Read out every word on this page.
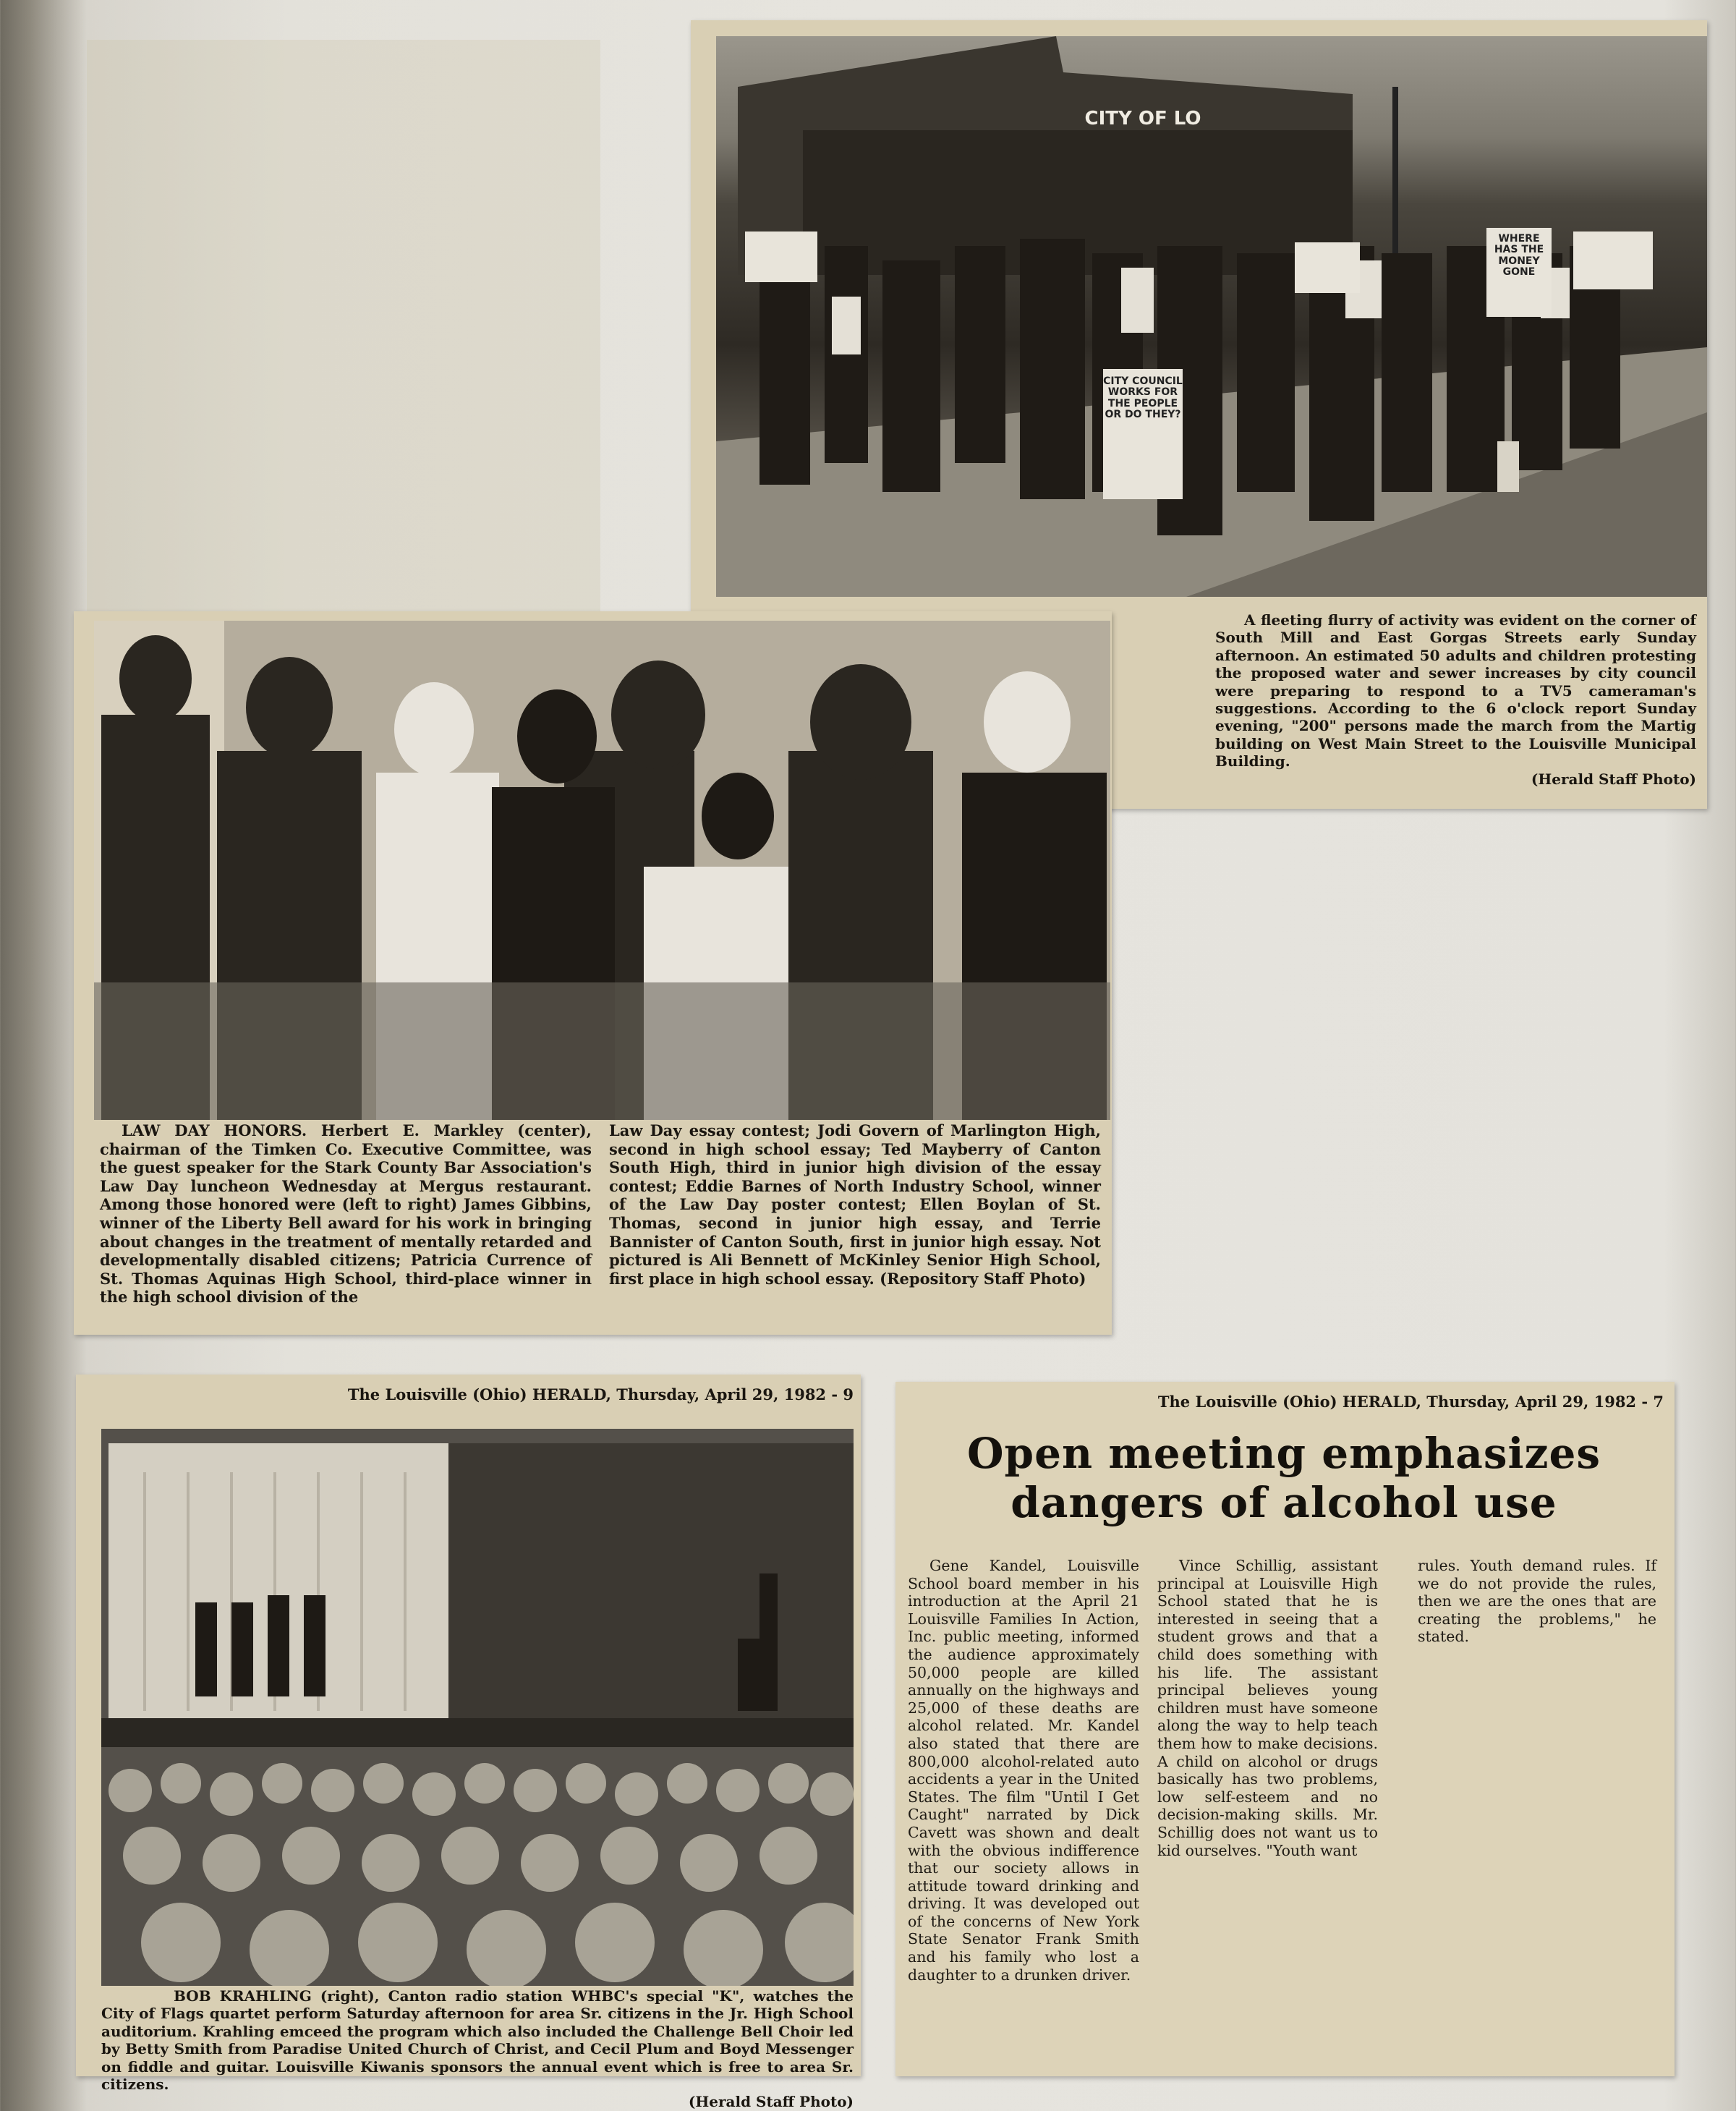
CITY OF LO
CITY COUNCIL WORKS FOR THE PEOPLE OR DO THEY?
WHERE HAS THE MONEY GONE

A fleeting flurry of activity was evident on the corner of South Mill and East Gorgas Streets early Sunday afternoon. An estimated 50 adults and children protesting the proposed water and sewer increases by city council were preparing to respond to a TV5 cameraman's suggestions. According to the 6 o'clock report Sunday evening, "200" persons made the march from the Martig building on West Main Street to the Louisville Municipal Building.

(Herald Staff Photo)

LAW DAY HONORS. Herbert E. Markley (center), chairman of the Timken Co. Executive Committee, was the guest speaker for the Stark County Bar Association's Law Day luncheon Wednesday at Mergus restaurant. Among those honored were (left to right) James Gibbins, winner of the Liberty Bell award for his work in bringing about changes in the treatment of mentally retarded and developmentally disabled citizens; Patricia Currence of St. Thomas Aquinas High School, third-place winner in the high school division of the

Law Day essay contest; Jodi Govern of Marlington High, second in high school essay; Ted Mayberry of Canton South High, third in junior high division of the essay contest; Eddie Barnes of North Industry School, winner of the Law Day poster contest; Ellen Boylan of St. Thomas, second in junior high essay, and Terrie Bannister of Canton South, first in junior high essay. Not pictured is Ali Bennett of McKinley Senior High School, first place in high school essay. (Repository Staff Photo)

The Louisville (Ohio) HERALD, Thursday, April 29, 1982 - 9

BOB KRAHLING (right), Canton radio station WHBC's special "K", watches the City of Flags quartet perform Saturday afternoon for area Sr. citizens in the Jr. High School auditorium. Krahling emceed the program which also included the Challenge Bell Choir led by Betty Smith from Paradise United Church of Christ, and Cecil Plum and Boyd Messenger on fiddle and guitar. Louisville Kiwanis sponsors the annual event which is free to area Sr. citizens.

(Herald Staff Photo)

The Louisville (Ohio) HERALD, Thursday, April 29, 1982 - 7
Open meeting emphasizes
dangers of alcohol use
Gene Kandel, Louisville School board member in his introduction at the April 21 Louisville Families In Action, Inc. public meeting, informed the audience approximately 50,000 people are killed annually on the highways and 25,000 of these deaths are alcohol related. Mr. Kandel also stated that there are 800,000 alcohol-related auto accidents a year in the United States. The film "Until I Get Caught" narrated by Dick Cavett was shown and dealt with the obvious indifference that our society allows in attitude toward drinking and driving. It was developed out of the concerns of New York State Senator Frank Smith and his family who lost a daughter to a drunken driver.
Vince Schillig, assistant principal at Louisville High School stated that he is interested in seeing that a student grows and that a child does something with his life. The assistant principal believes young children must have someone along the way to help teach them how to make decisions. A child on alcohol or drugs basically has two problems, low self-esteem and no decision-making skills. Mr. Schillig does not want us to kid ourselves. "Youth want
rules. Youth demand rules. If we do not provide the rules, then we are the ones that are creating the problems," he stated.
